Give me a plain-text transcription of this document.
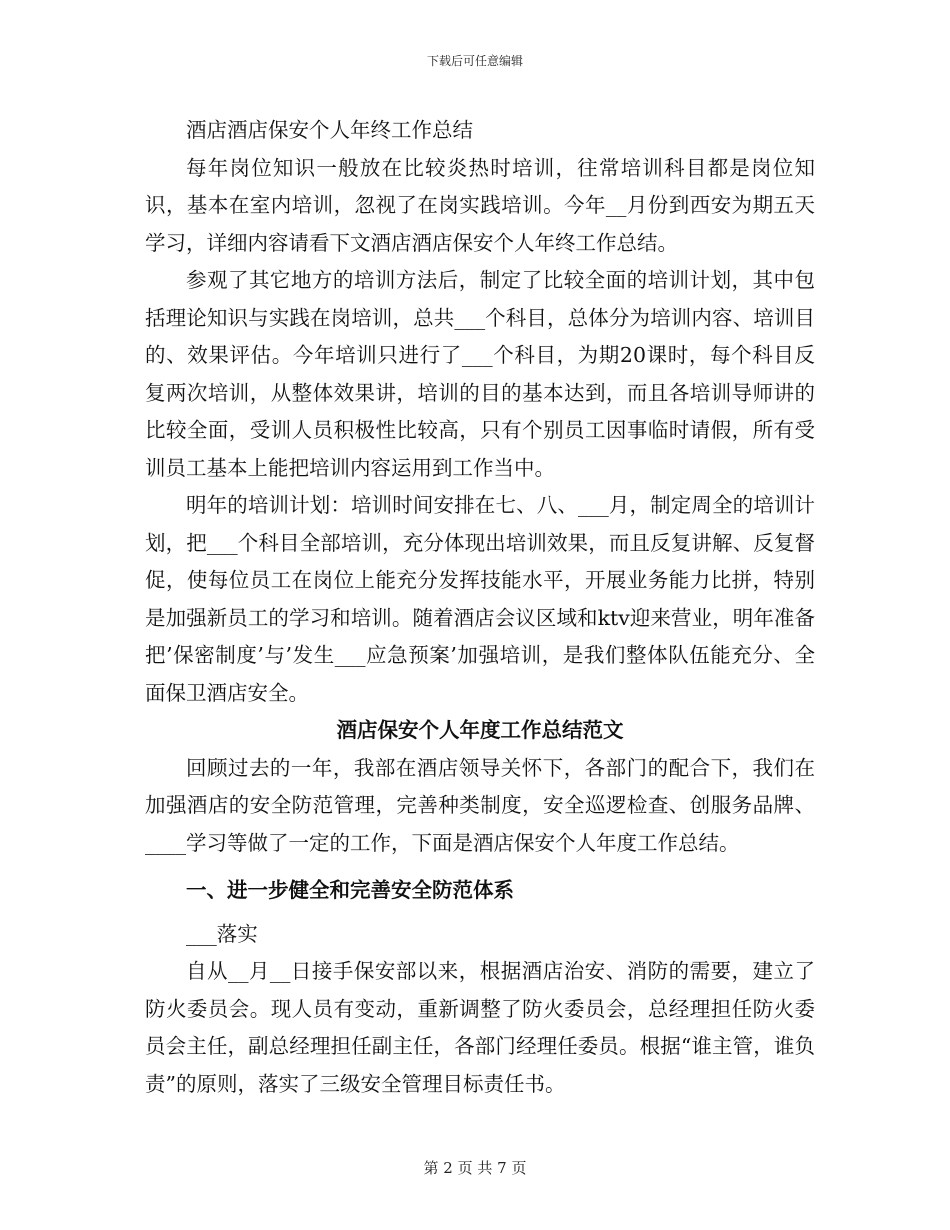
下载后可任意编辑

酒店酒店保安个人年终工作总结

每年岗位知识一般放在比较炎热时培训，往常培训科目都是岗位知识，基本在室内培训，忽视了在岗实践培训。今年__月份到西安为期五天学习，详细内容请看下文酒店酒店保安个人年终工作总结。

参观了其它地方的培训方法后，制定了比较全面的培训计划，其中包括理论知识与实践在岗培训，总共___个科目，总体分为培训内容、培训目的、效果评估。今年培训只进行了___个科目，为期20课时，每个科目反复两次培训，从整体效果讲，培训的目的基本达到，而且各培训导师讲的比较全面，受训人员积极性比较高，只有个别员工因事临时请假，所有受训员工基本上能把培训内容运用到工作当中。

明年的培训计划：培训时间安排在七、八、___月，制定周全的培训计划，把___个科目全部培训，充分体现出培训效果，而且反复讲解、反复督促，使每位员工在岗位上能充分发挥技能水平，开展业务能力比拼，特别是加强新员工的学习和培训。随着酒店会议区域和ktv迎来营业，明年准备把’保密制度’与’发生___应急预案’加强培训，是我们整体队伍能充分、全面保卫酒店安全。

酒店保安个人年度工作总结范文

回顾过去的一年，我部在酒店领导关怀下，各部门的配合下，我们在加强酒店的安全防范管理，完善种类制度，安全巡逻检查、创服务品牌、____学习等做了一定的工作，下面是酒店保安个人年度工作总结。

一、进一步健全和完善安全防范体系

___落实

自从__月__日接手保安部以来，根据酒店治安、消防的需要，建立了防火委员会。现人员有变动，重新调整了防火委员会，总经理担任防火委员会主任，副总经理担任副主任，各部门经理任委员。根据“谁主管，谁负责”的原则，落实了三级安全管理目标责任书。

第 2 页 共 7 页
